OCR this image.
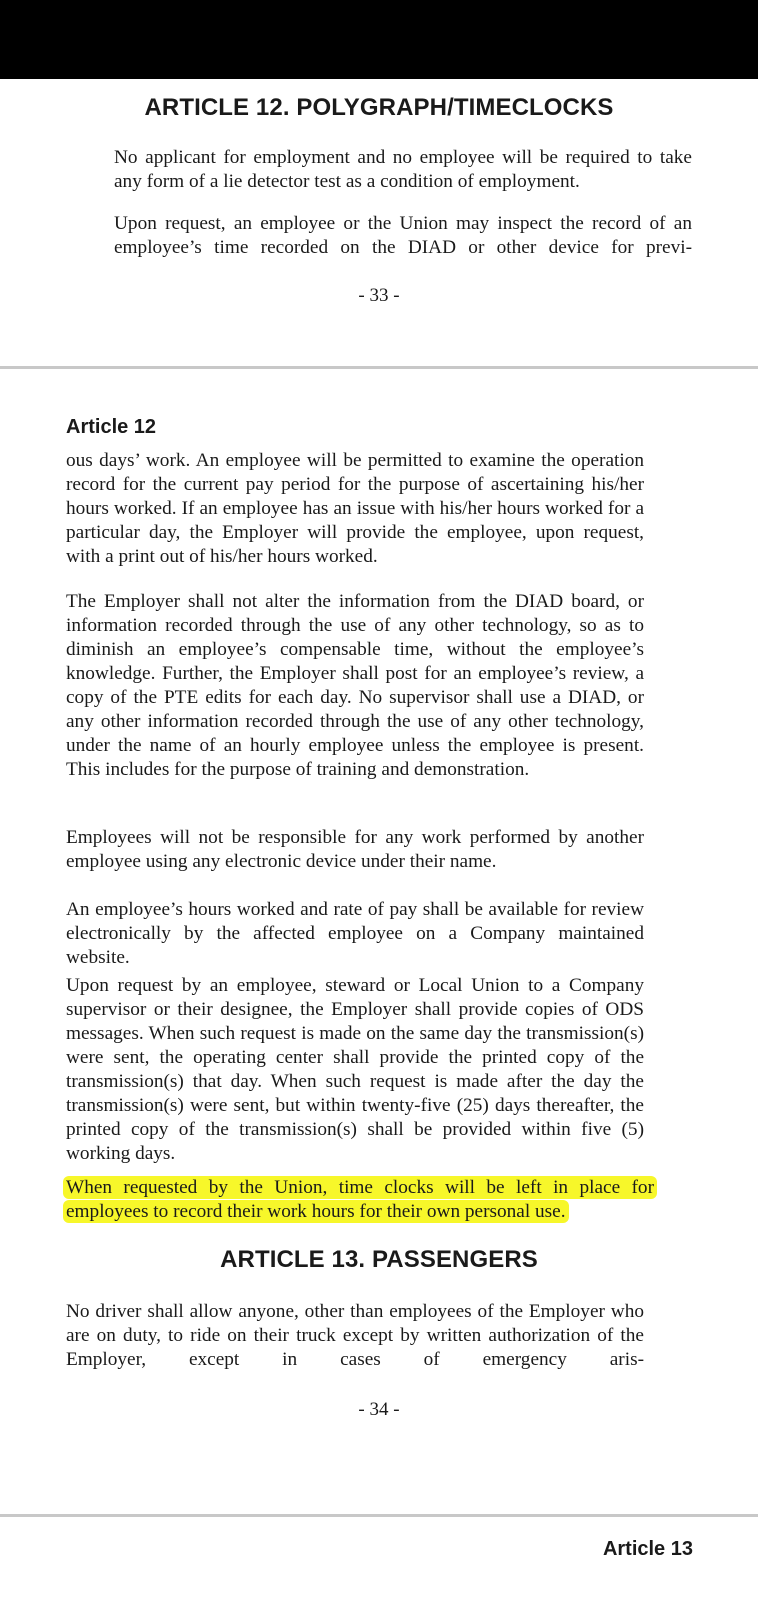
ARTICLE 12. POLYGRAPH/TIMECLOCKS

No applicant for employment and no employee will be required to take any form of a lie detector test as a condition of employment.

Upon request, an employee or the Union may inspect the record of an employee’s time recorded on the DIAD or other device for previ-

- 33 -
Article 12

ous days’ work. An employee will be permitted to examine the operation record for the current pay period for the purpose of ascertaining his/her hours worked. If an employee has an issue with his/her hours worked for a particular day, the Employer will provide the employee, upon request, with a print out of his/her hours worked.

The Employer shall not alter the information from the DIAD board, or information recorded through the use of any other technology, so as to diminish an employee’s compensable time, without the employee’s knowledge. Further, the Employer shall post for an employee’s review, a copy of the PTE edits for each day. No supervisor shall use a DIAD, or any other information recorded through the use of any other technology, under the name of an hourly employee unless the employee is present. This includes for the purpose of training and demonstration.

Employees will not be responsible for any work performed by another employee using any electronic device under their name.

An employee’s hours worked and rate of pay shall be available for review electronically by the affected employee on a Company maintained website.

Upon request by an employee, steward or Local Union to a Company supervisor or their designee, the Employer shall provide copies of ODS messages. When such request is made on the same day the transmission(s) were sent, the operating center shall provide the printed copy of the transmission(s) that day. When such request is made after the day the transmission(s) were sent, but within twenty-five (25) days thereafter, the printed copy of the transmission(s) shall be provided within five (5) working days.

When requested by the Union, time clocks will be left in place for employees to record their work hours for their own personal use.

ARTICLE 13. PASSENGERS

No driver shall allow anyone, other than employees of the Employer who are on duty, to ride on their truck except by written authorization of the Employer, except in cases of emergency aris-

- 34 -
Article 13
